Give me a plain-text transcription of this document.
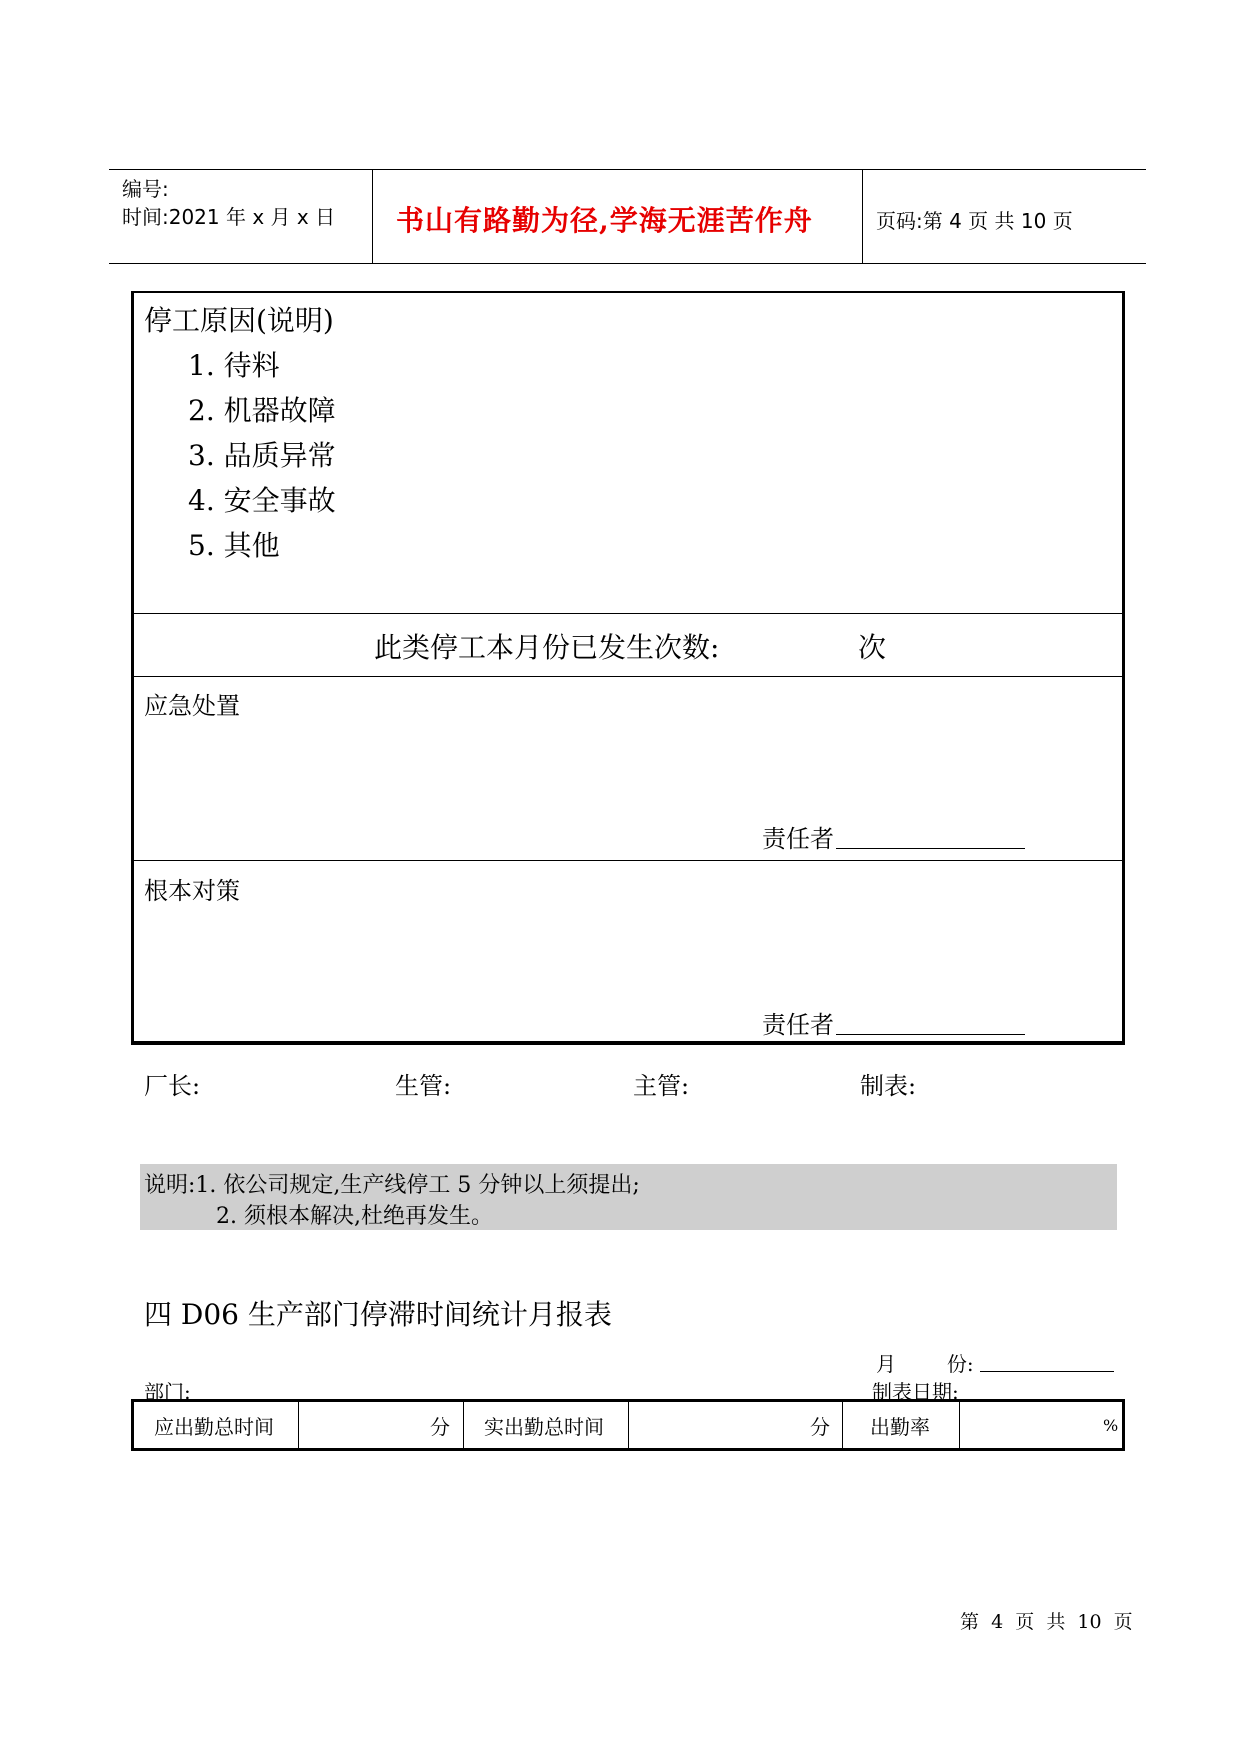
编号:
时间:2021 年 x 月 x 日 书山有路勤为径,学海无涯苦作舟	页码:第 4 页 共 10 页
停工原因(说明)
1. 待料
2. 机器故障
3. 品质异常
4. 安全事故
5. 其他
此类停工本月份已发生次数:	次
应急处置
责任者
根本对策
责任者
厂长:	生管:	主管:	制表:
说明:1. 依公司规定,生产线停工 5 分钟以上须提出;
2. 须根本解决,杜绝再发生。
四 D06 生产部门停滞时间统计月报表
月        份:
制表日期:
部门:
应出勤总时间	分 实出勤总时间	分 出勤率	%
第  4  页  共  10  页
